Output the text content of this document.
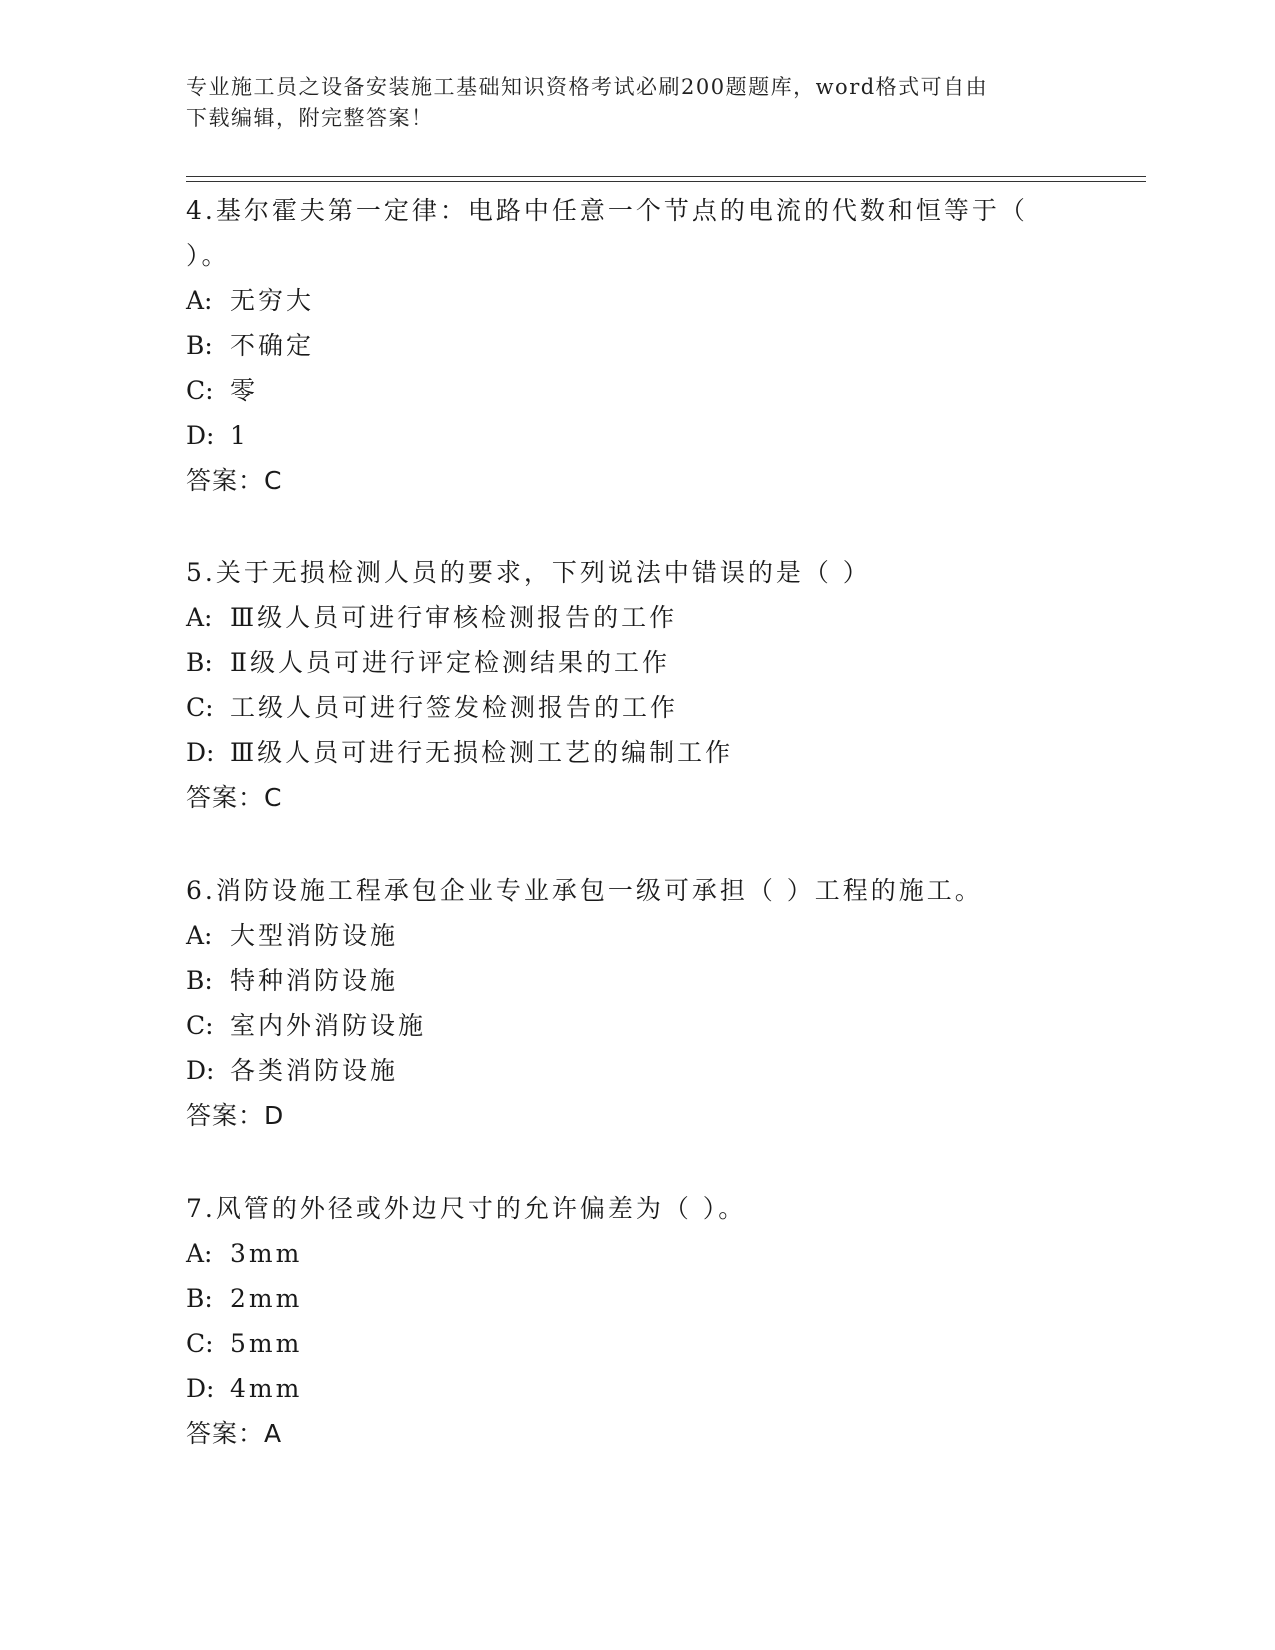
专业施工员之设备安装施工基础知识资格考试必刷200题题库，word格式可自由
下载编辑，附完整答案！

4.基尔霍夫第一定律：电路中任意一个节点的电流的代数和恒等于（

）。

A: 无穷大

B: 不确定

C: 零

D: 1

答案：C

5.关于无损检测人员的要求，下列说法中错误的是（ ）

A: Ⅲ级人员可进行审核检测报告的工作

B: Ⅱ级人员可进行评定检测结果的工作

C: 工级人员可进行签发检测报告的工作

D: Ⅲ级人员可进行无损检测工艺的编制工作

答案：C

6.消防设施工程承包企业专业承包一级可承担（ ）工程的施工。

A: 大型消防设施

B: 特种消防设施

C: 室内外消防设施

D: 各类消防设施

答案：D

7.风管的外径或外边尺寸的允许偏差为（ ）。

A: 3mm

B: 2mm

C: 5mm

D: 4mm

答案：A
